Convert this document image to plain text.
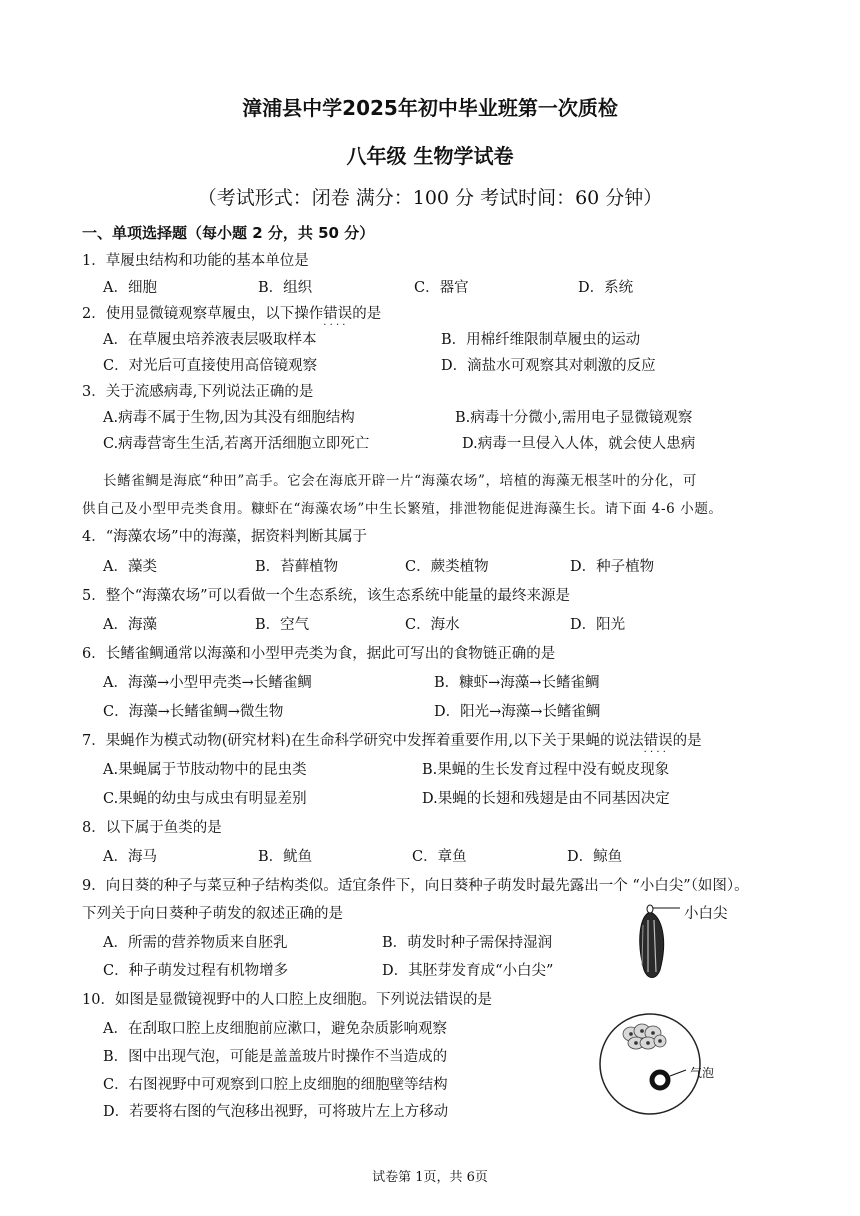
漳浦县中学2025年初中毕业班第一次质检
八年级 生物学试卷
（考试形式：闭卷 满分：100 分 考试时间：60 分钟）
一、单项选择题（每小题 2 分，共 50 分）
1．草履虫结构和功能的基本单位是
A．细胞	B．组织	C．器官	D．系统
2．使用显微镜观察草履虫，以下操作错误 · · · ·的是
A．在草履虫培养液表层吸取样本	B．用棉纤维限制草履虫的运动
C．对光后可直接使用高倍镜观察	D．滴盐水可观察其对刺激的反应
3．关于流感病毒,下列说法正确的是
A.病毒不属于生物,因为其没有细胞结构	B.病毒十分微小,需用电子显微镜观察
C.病毒营寄生生活,若离开活细胞立即死亡	D.病毒一旦侵入人体，就会使人患病
长鳍雀鲷是海底“种田”高手。它会在海底开辟一片“海藻农场”，培植的海藻无根茎叶的分化，可
供自己及小型甲壳类食用。糠虾在“海藻农场”中生长繁殖，排泄物能促进海藻生长。请下面 4-6 小题。
4．“海藻农场”中的海藻，据资料判断其属于
A．藻类	B．苔藓植物	C．蕨类植物	D．种子植物
5．整个“海藻农场”可以看做一个生态系统，该生态系统中能量的最终来源是
A．海藻	B．空气	C．海水	D．阳光
6．长鳍雀鲷通常以海藻和小型甲壳类为食，据此可写出的食物链正确的是
A．海藻→小型甲壳类→长鳍雀鲷	B．糠虾→海藻→长鳍雀鲷
C．海藻→长鳍雀鲷→微生物	D．阳光→海藻→长鳍雀鲷
7．果蝇作为模式动物(研究材料)在生命科学研究中发挥着重要作用,以下关于果蝇的说法错误 · · · ·的是
A.果蝇属于节肢动物中的昆虫类	B.果蝇的生长发育过程中没有蜕皮现象
C.果蝇的幼虫与成虫有明显差别	D.果蝇的长翅和残翅是由不同基因决定
8．以下属于鱼类的是
A．海马	B．鱿鱼	C．章鱼	D．鲸鱼
9．向日葵的种子与菜豆种子结构类似。适宜条件下，向日葵种子萌发时最先露出一个 “小白尖”（如图）。
下列关于向日葵种子萌发的叙述正确的是
A．所需的营养物质来自胚乳	B．萌发时种子需保持湿润
C．种子萌发过程有机物增多	D．其胚芽发育成“小白尖”
小白尖
10．如图是显微镜视野中的人口腔上皮细胞。下列说法错误的是
A．在刮取口腔上皮细胞前应漱口，避免杂质影响观察
B．图中出现气泡，可能是盖盖玻片时操作不当造成的
C．右图视野中可观察到口腔上皮细胞的细胞壁等结构
D．若要将右图的气泡移出视野，可将玻片左上方移动
气泡
试卷第 1页，共 6页
